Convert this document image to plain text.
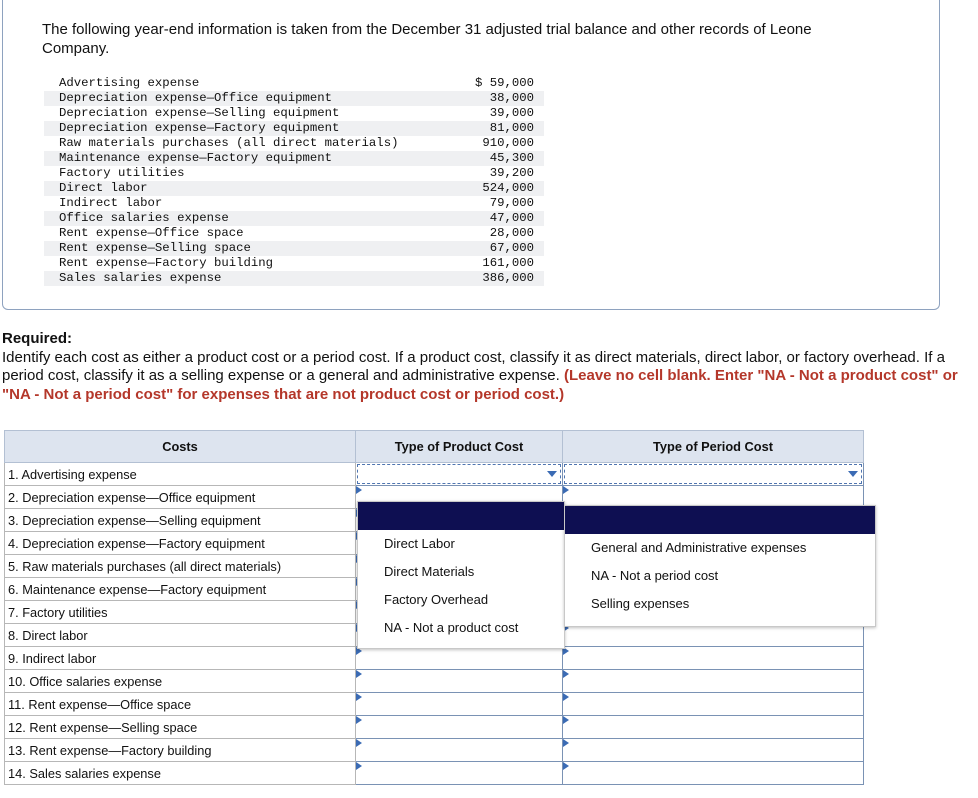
The following year-end information is taken from the December 31 adjusted trial balance and other records of Leone Company.
Advertising expense	$ 59,000
Depreciation expense—Office equipment	38,000
Depreciation expense—Selling equipment	39,000
Depreciation expense—Factory equipment	81,000
Raw materials purchases (all direct materials)	910,000
Maintenance expense—Factory equipment	45,300
Factory utilities	39,200
Direct labor	524,000
Indirect labor	79,000
Office salaries expense	47,000
Rent expense—Office space	28,000
Rent expense—Selling space	67,000
Rent expense—Factory building	161,000
Sales salaries expense	386,000
Required:
Identify each cost as either a product cost or a period cost. If a product cost, classify it as direct materials, direct labor, or factory overhead. If a period cost, classify it as a selling expense or a general and administrative expense. (Leave no cell blank. Enter "NA - Not a product cost" or "NA - Not a period cost" for expenses that are not product cost or period cost.)
Costs	Type of Product Cost	Type of Period Cost
1. Advertising expense	

2. Depreciation expense—Office equipment	

3. Depreciation expense—Selling equipment	

4. Depreciation expense—Factory equipment	

5. Raw materials purchases (all direct materials)	

6. Maintenance expense—Factory equipment	

7. Factory utilities	

8. Direct labor	

9. Indirect labor	

10. Office salaries expense	

11. Rent expense—Office space	

12. Rent expense—Selling space	

13. Rent expense—Factory building	

14. Sales salaries expense	

Direct Labor
Direct Materials
Factory Overhead
NA - Not a product cost
General and Administrative expenses
NA - Not a period cost
Selling expenses
